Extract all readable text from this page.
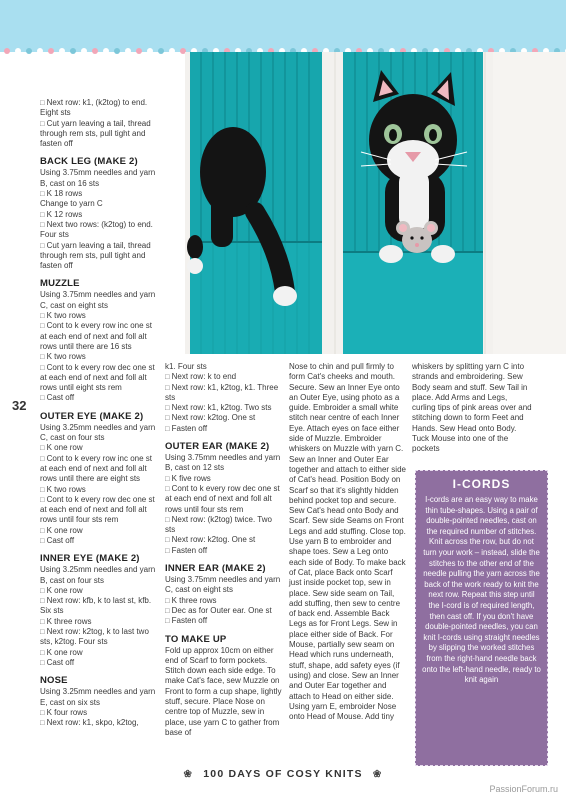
32
□ Next row: k1, (k2tog) to end. Eight sts
□ Cut yarn leaving a tail, thread through rem sts, pull tight and fasten off
BACK LEG (MAKE 2)
Using 3.75mm needles and yarn B, cast on 16 sts
□ K 18 rows
Change to yarn C
□ K 12 rows
□ Next two rows: (k2tog) to end. Four sts
□ Cut yarn leaving a tail, thread through rem sts, pull tight and fasten off
MUZZLE
Using 3.75mm needles and yarn C, cast on eight sts
□ K two rows
□ Cont to k every row inc one st at each end of next and foll alt rows until there are 16 sts
□ K two rows
□ Cont to k every row dec one st at each end of next and foll alt rows until eight sts rem
□ Cast off
OUTER EYE (MAKE 2)
Using 3.25mm needles and yarn C, cast on four sts
□ K one row
□ Cont to k every row inc one st at each end of next and foll alt rows until there are eight sts
□ K two rows
□ Cont to k every row dec one st at each end of next and foll alt rows until four sts rem
□ K one row
□ Cast off
INNER EYE (MAKE 2)
Using 3.25mm needles and yarn B, cast on four sts
□ K one row
□ Next row: kfb, k to last st, kfb. Six sts
□ K three rows
□ Next row: k2tog, k to last two sts, k2tog. Four sts
□ K one row
□ Cast off
NOSE
Using 3.25mm needles and yarn E, cast on six sts
□ K four rows
□ Next row: k1, skpo, k2tog,
k1. Four sts
□ Next row: k to end
□ Next row: k1, k2tog, k1. Three sts
□ Next row: k1, k2tog. Two sts
□ Next row: k2tog. One st
□ Fasten off
OUTER EAR (MAKE 2)
Using 3.75mm needles and yarn B, cast on 12 sts
□ K five rows
□ Cont to k every row dec one st at each end of next and foll alt rows until four sts rem
□ Next row: (k2tog) twice. Two sts
□ Next row: k2tog. One st
□ Fasten off
INNER EAR (MAKE 2)
Using 3.75mm needles and yarn C, cast on eight sts
□ K three rows
□ Dec as for Outer ear. One st
□ Fasten off
TO MAKE UP
Fold up approx 10cm on either end of Scarf to form pockets. Stitch down each side edge. To make Cat's face, sew Muzzle on Front to form a cup shape, lightly stuff, secure. Place Nose on centre top of Muzzle, sew in place, use yarn C to gather from base of
Nose to chin and pull firmly to form Cat's cheeks and mouth. Secure. Sew an Inner Eye onto an Outer Eye, using photo as a guide. Embroider a small white stitch near centre of each Inner Eye. Attach eyes on face either side of Muzzle. Embroider whiskers on Muzzle with yarn C. Sew an Inner and Outer Ear together and attach to either side of Cat's head. Position Body on Scarf so that it's slightly hidden behind pocket top and secure. Sew Cat's head onto Body and Scarf. Sew side Seams on Front Legs and add stuffing. Close top. Use yarn B to embroider and shape toes. Sew a Leg onto each side of Body. To make back of Cat, place Back onto Scarf just inside pocket top, sew in place. Sew side seam on Tail, add stuffing, then sew to centre of back end. Assemble Back Legs as for Front Legs. Sew in place either side of Back. For Mouse, partially sew seam on Head which runs underneath, stuff, shape, add safety eyes (if using) and close. Sew an Inner and Outer Ear together and attach to Head on either side. Using yarn E, embroider Nose onto Head of Mouse. Add tiny
whiskers by splitting yarn C into strands and embroidering. Sew Body seam and stuff. Sew Tail in place. Add Arms and Legs, curling tips of pink areas over and stitching down to form Feet and Hands. Sew Head onto Body. Tuck Mouse into one of the pockets
I-CORDS

I-cords are an easy way to make thin tube-shapes. Using a pair of double-pointed needles, cast on the required number of stitches. Knit across the row, but do not turn your work – instead, slide the stitches to the other end of the needle pulling the yarn across the back of the work ready to knit the next row. Repeat this step until the I-cord is of required length, then cast off. If you don't have double-pointed needles, you can knit I-cords using straight needles by slipping the worked stitches from the right-hand needle back onto the left-hand needle, ready to knit again

❀ 100 DAYS OF COSY KNITS ❀
PassionForum.ru
